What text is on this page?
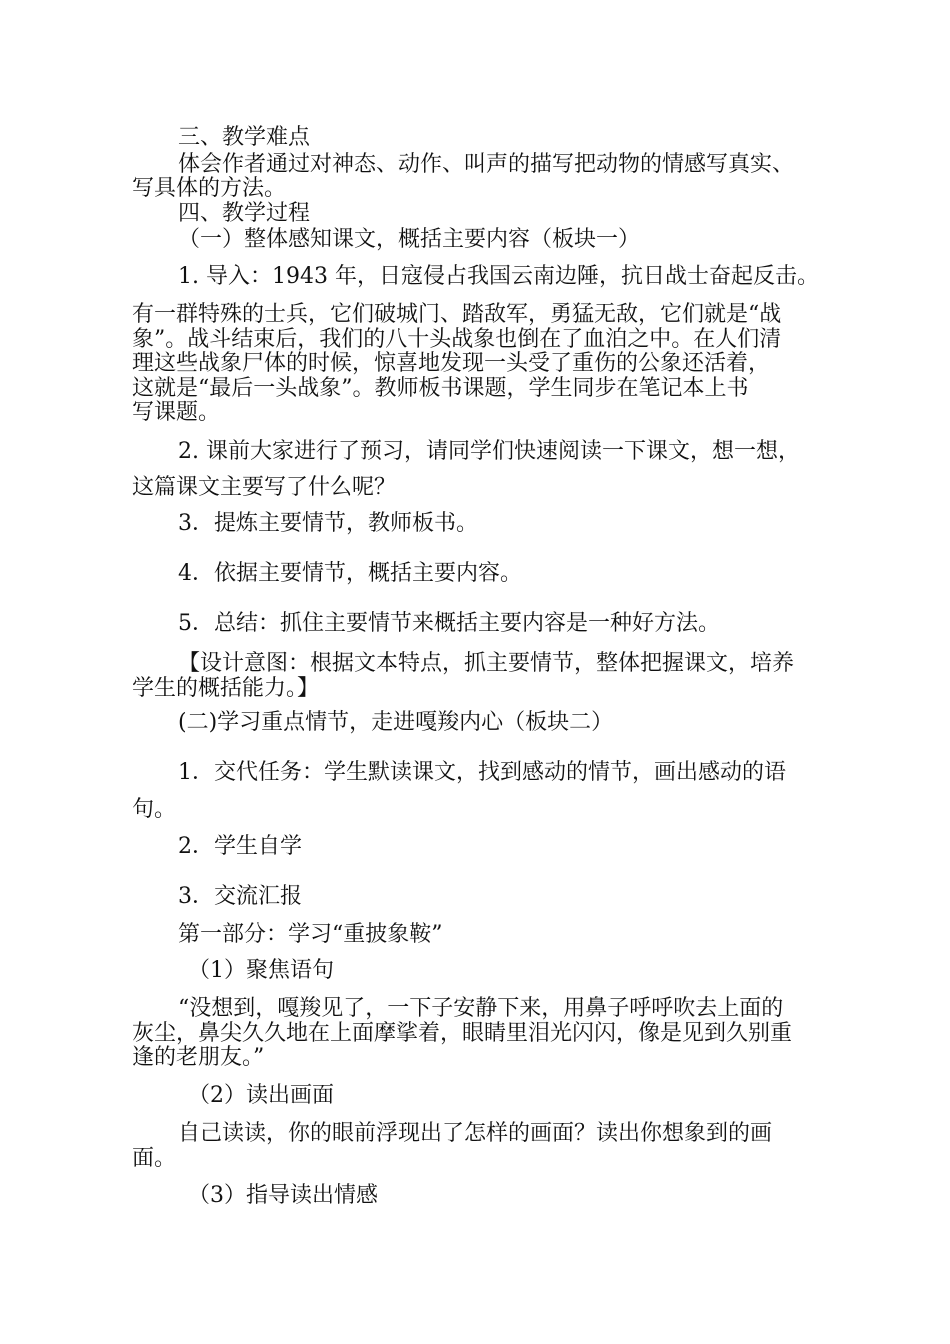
三、教学难点
体会作者通过对神态、动作、叫声的描写把动物的情感写真实、
写具体的方法。
四、教学过程
（一）整体感知课文，概括主要内容（板块一）
1. 导入：1943 年，日寇侵占我国云南边陲，抗日战士奋起反击。
有一群特殊的士兵，它们破城门、踏敌军，勇猛无敌，它们就是“战
象”。战斗结束后，我们的八十头战象也倒在了血泊之中。在人们清
理这些战象尸体的时候，惊喜地发现一头受了重伤的公象还活着，
这就是“最后一头战象”。教师板书课题，学生同步在笔记本上书
写课题。
2. 课前大家进行了预习，请同学们快速阅读一下课文，想一想，
这篇课文主要写了什么呢？
3．提炼主要情节，教师板书。
4．依据主要情节，概括主要内容。
5．总结：抓住主要情节来概括主要内容是一种好方法。
【设计意图：根据文本特点，抓主要情节，整体把握课文，培养
学生的概括能力。】
(二)学习重点情节，走进嘎羧内心（板块二）
1．交代任务：学生默读课文，找到感动的情节，画出感动的语
句。
2．学生自学
3．交流汇报
第一部分：学习“重披象鞍”
（1）聚焦语句
“没想到，嘎羧见了，一下子安静下来，用鼻子呼呼吹去上面的
灰尘，鼻尖久久地在上面摩挲着，眼睛里泪光闪闪，像是见到久别重
逢的老朋友。”
（2）读出画面
自己读读，你的眼前浮现出了怎样的画面？读出你想象到的画
面。
（3）指导读出情感
